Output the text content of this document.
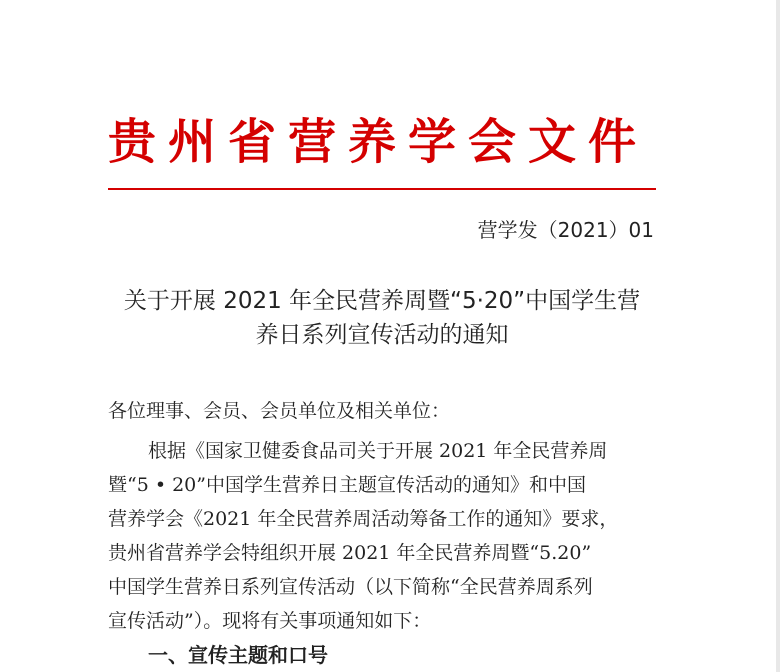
贵州省营养学会文件
营学发（2021）01
关于开展 2021 年全民营养周暨“5·20”中国学生营
养日系列宣传活动的通知
各位理事、会员、会员单位及相关单位：
根据《国家卫健委食品司关于开展 2021 年全民营养周
暨“5 • 20”中国学生营养日主题宣传活动的通知》和中国
营养学会《2021 年全民营养周活动筹备工作的通知》要求，
贵州省营养学会特组织开展 2021 年全民营养周暨“5.20”
中国学生营养日系列宣传活动（以下简称“全民营养周系列
宣传活动”）。现将有关事项通知如下：
一、宣传主题和口号
